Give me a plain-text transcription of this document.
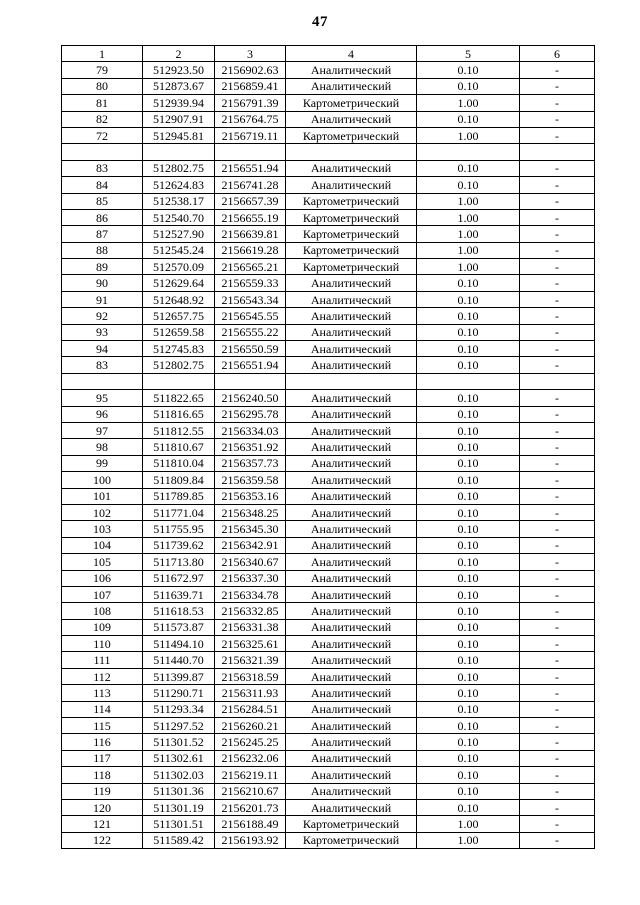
47
1	2	3	4	5	6
79	512923.50	2156902.63	Аналитический	0.10	-
80	512873.67	2156859.41	Аналитический	0.10	-
81	512939.94	2156791.39	Картометрический	1.00	-
82	512907.91	2156764.75	Аналитический	0.10	-
72	512945.81	2156719.11	Картометрический	1.00	-

83	512802.75	2156551.94	Аналитический	0.10	-
84	512624.83	2156741.28	Аналитический	0.10	-
85	512538.17	2156657.39	Картометрический	1.00	-
86	512540.70	2156655.19	Картометрический	1.00	-
87	512527.90	2156639.81	Картометрический	1.00	-
88	512545.24	2156619.28	Картометрический	1.00	-
89	512570.09	2156565.21	Картометрический	1.00	-
90	512629.64	2156559.33	Аналитический	0.10	-
91	512648.92	2156543.34	Аналитический	0.10	-
92	512657.75	2156545.55	Аналитический	0.10	-
93	512659.58	2156555.22	Аналитический	0.10	-
94	512745.83	2156550.59	Аналитический	0.10	-
83	512802.75	2156551.94	Аналитический	0.10	-

95	511822.65	2156240.50	Аналитический	0.10	-
96	511816.65	2156295.78	Аналитический	0.10	-
97	511812.55	2156334.03	Аналитический	0.10	-
98	511810.67	2156351.92	Аналитический	0.10	-
99	511810.04	2156357.73	Аналитический	0.10	-
100	511809.84	2156359.58	Аналитический	0.10	-
101	511789.85	2156353.16	Аналитический	0.10	-
102	511771.04	2156348.25	Аналитический	0.10	-
103	511755.95	2156345.30	Аналитический	0.10	-
104	511739.62	2156342.91	Аналитический	0.10	-
105	511713.80	2156340.67	Аналитический	0.10	-
106	511672.97	2156337.30	Аналитический	0.10	-
107	511639.71	2156334.78	Аналитический	0.10	-
108	511618.53	2156332.85	Аналитический	0.10	-
109	511573.87	2156331.38	Аналитический	0.10	-
110	511494.10	2156325.61	Аналитический	0.10	-
111	511440.70	2156321.39	Аналитический	0.10	-
112	511399.87	2156318.59	Аналитический	0.10	-
113	511290.71	2156311.93	Аналитический	0.10	-
114	511293.34	2156284.51	Аналитический	0.10	-
115	511297.52	2156260.21	Аналитический	0.10	-
116	511301.52	2156245.25	Аналитический	0.10	-
117	511302.61	2156232.06	Аналитический	0.10	-
118	511302.03	2156219.11	Аналитический	0.10	-
119	511301.36	2156210.67	Аналитический	0.10	-
120	511301.19	2156201.73	Аналитический	0.10	-
121	511301.51	2156188.49	Картометрический	1.00	-
122	511589.42	2156193.92	Картометрический	1.00	-
